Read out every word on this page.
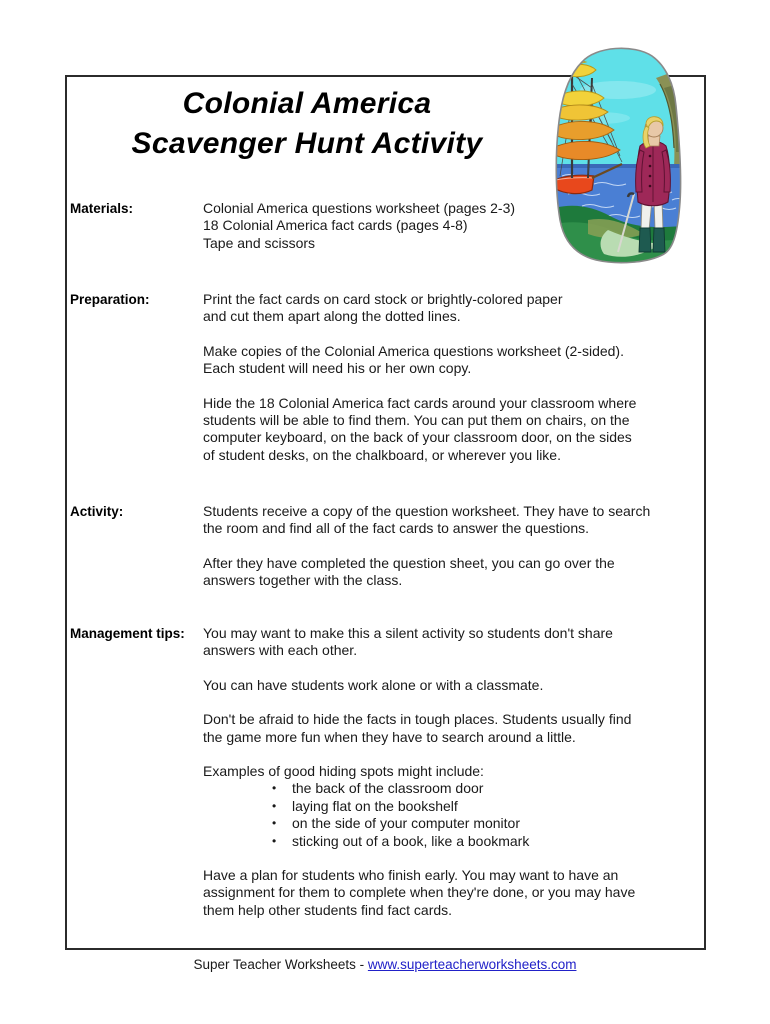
Colonial America
Scavenger Hunt Activity
Materials:	Colonial America questions worksheet (pages 2-3)
18 Colonial America fact cards (pages 4-8)
Tape and scissors
Preparation:	Print the fact cards on card stock or brightly-colored paper
and cut them apart along the dotted lines.
Make copies of the Colonial America questions worksheet (2-sided).
Each student will need his or her own copy.
Hide the 18 Colonial America fact cards around your classroom where
students will be able to find them. You can put them on chairs, on the
computer keyboard, on the back of your classroom door, on the sides
of student desks, on the chalkboard, or wherever you like.
Activity:	Students receive a copy of the question worksheet. They have to search
the room and find all of the fact cards to answer the questions.
After they have completed the question sheet, you can go over the
answers together with the class.
Management tips:	You may want to make this a silent activity so students don't share
answers with each other.
You can have students work alone or with a classmate.
Don't be afraid to hide the facts in tough places. Students usually find
the game more fun when they have to search around a little.
Examples of good hiding spots might include:
• the back of the classroom door
• laying flat on the bookshelf
• on the side of your computer monitor
• sticking out of a book, like a bookmark
Have a plan for students who finish early. You may want to have an
assignment for them to complete when they're done, or you may have
them help other students find fact cards.
Super Teacher Worksheets - www.superteacherworksheets.com
